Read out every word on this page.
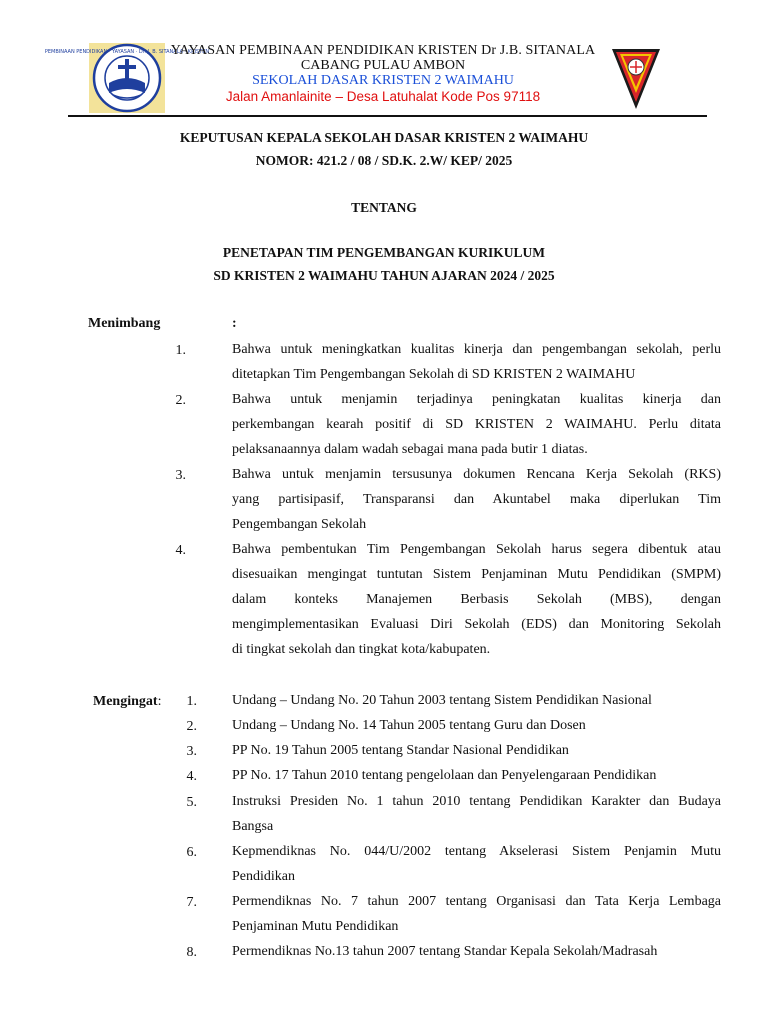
PEMBINAAN PENDIDIKAN · YAYASAN · Dr. J. B. SITANALA · KRISTEN
YAYASAN PEMBINAAN PENDIDIKAN KRISTEN Dr J.B. SITANALA
CABANG PULAU AMBON
SEKOLAH DASAR KRISTEN 2 WAIMAHU
Jalan Amanlainite – Desa Latuhalat Kode Pos 97118
KEPUTUSAN KEPALA SEKOLAH DASAR KRISTEN 2 WAIMAHU
NOMOR: 421.2 / 08 / SD.K. 2.W/ KEP/ 2025
TENTANG
PENETAPAN TIM PENGEMBANGAN KURIKULUM
SD KRISTEN 2 WAIMAHU TAHUN AJARAN 2024 / 2025
Menimbang	:
1.	Bahwa untuk meningkatkan kualitas kinerja dan pengembangan sekolah, perlu
ditetapkan Tim Pengembangan Sekolah di SD KRISTEN 2 WAIMAHU
2.	Bahwa untuk menjamin terjadinya peningkatan kualitas kinerja dan
perkembangan kearah positif di SD KRISTEN 2 WAIMAHU. Perlu ditata
pelaksanaannya dalam wadah sebagai mana pada butir 1 diatas.
3.	Bahwa untuk menjamin tersusunya dokumen Rencana Kerja Sekolah (RKS)
yang partisipasif, Transparansi dan Akuntabel maka diperlukan Tim
Pengembangan Sekolah
4.	Bahwa pembentukan Tim Pengembangan Sekolah harus segera dibentuk atau
disesuaikan mengingat tuntutan Sistem Penjaminan Mutu Pendidikan (SMPM)
dalam konteks Manajemen Berbasis Sekolah (MBS), dengan
mengimplementasikan Evaluasi Diri Sekolah (EDS) dan Monitoring Sekolah
di tingkat sekolah dan tingkat kota/kabupaten.
Mengingat:	1.	Undang – Undang No. 20 Tahun 2003 tentang Sistem Pendidikan Nasional
2.	Undang – Undang No. 14 Tahun 2005 tentang Guru dan Dosen
3.	PP No. 19 Tahun 2005 tentang Standar Nasional Pendidikan
4.	PP No. 17 Tahun 2010 tentang pengelolaan dan Penyelengaraan Pendidikan
5.	Instruksi Presiden No. 1 tahun 2010 tentang Pendidikan Karakter dan Budaya
Bangsa
6.	Kepmendiknas No. 044/U/2002 tentang Akselerasi Sistem Penjamin Mutu
Pendidikan
7.	Permendiknas No. 7 tahun 2007 tentang Organisasi dan Tata Kerja Lembaga
Penjaminan Mutu Pendidikan
8.	Permendiknas No.13 tahun 2007 tentang Standar Kepala Sekolah/Madrasah
